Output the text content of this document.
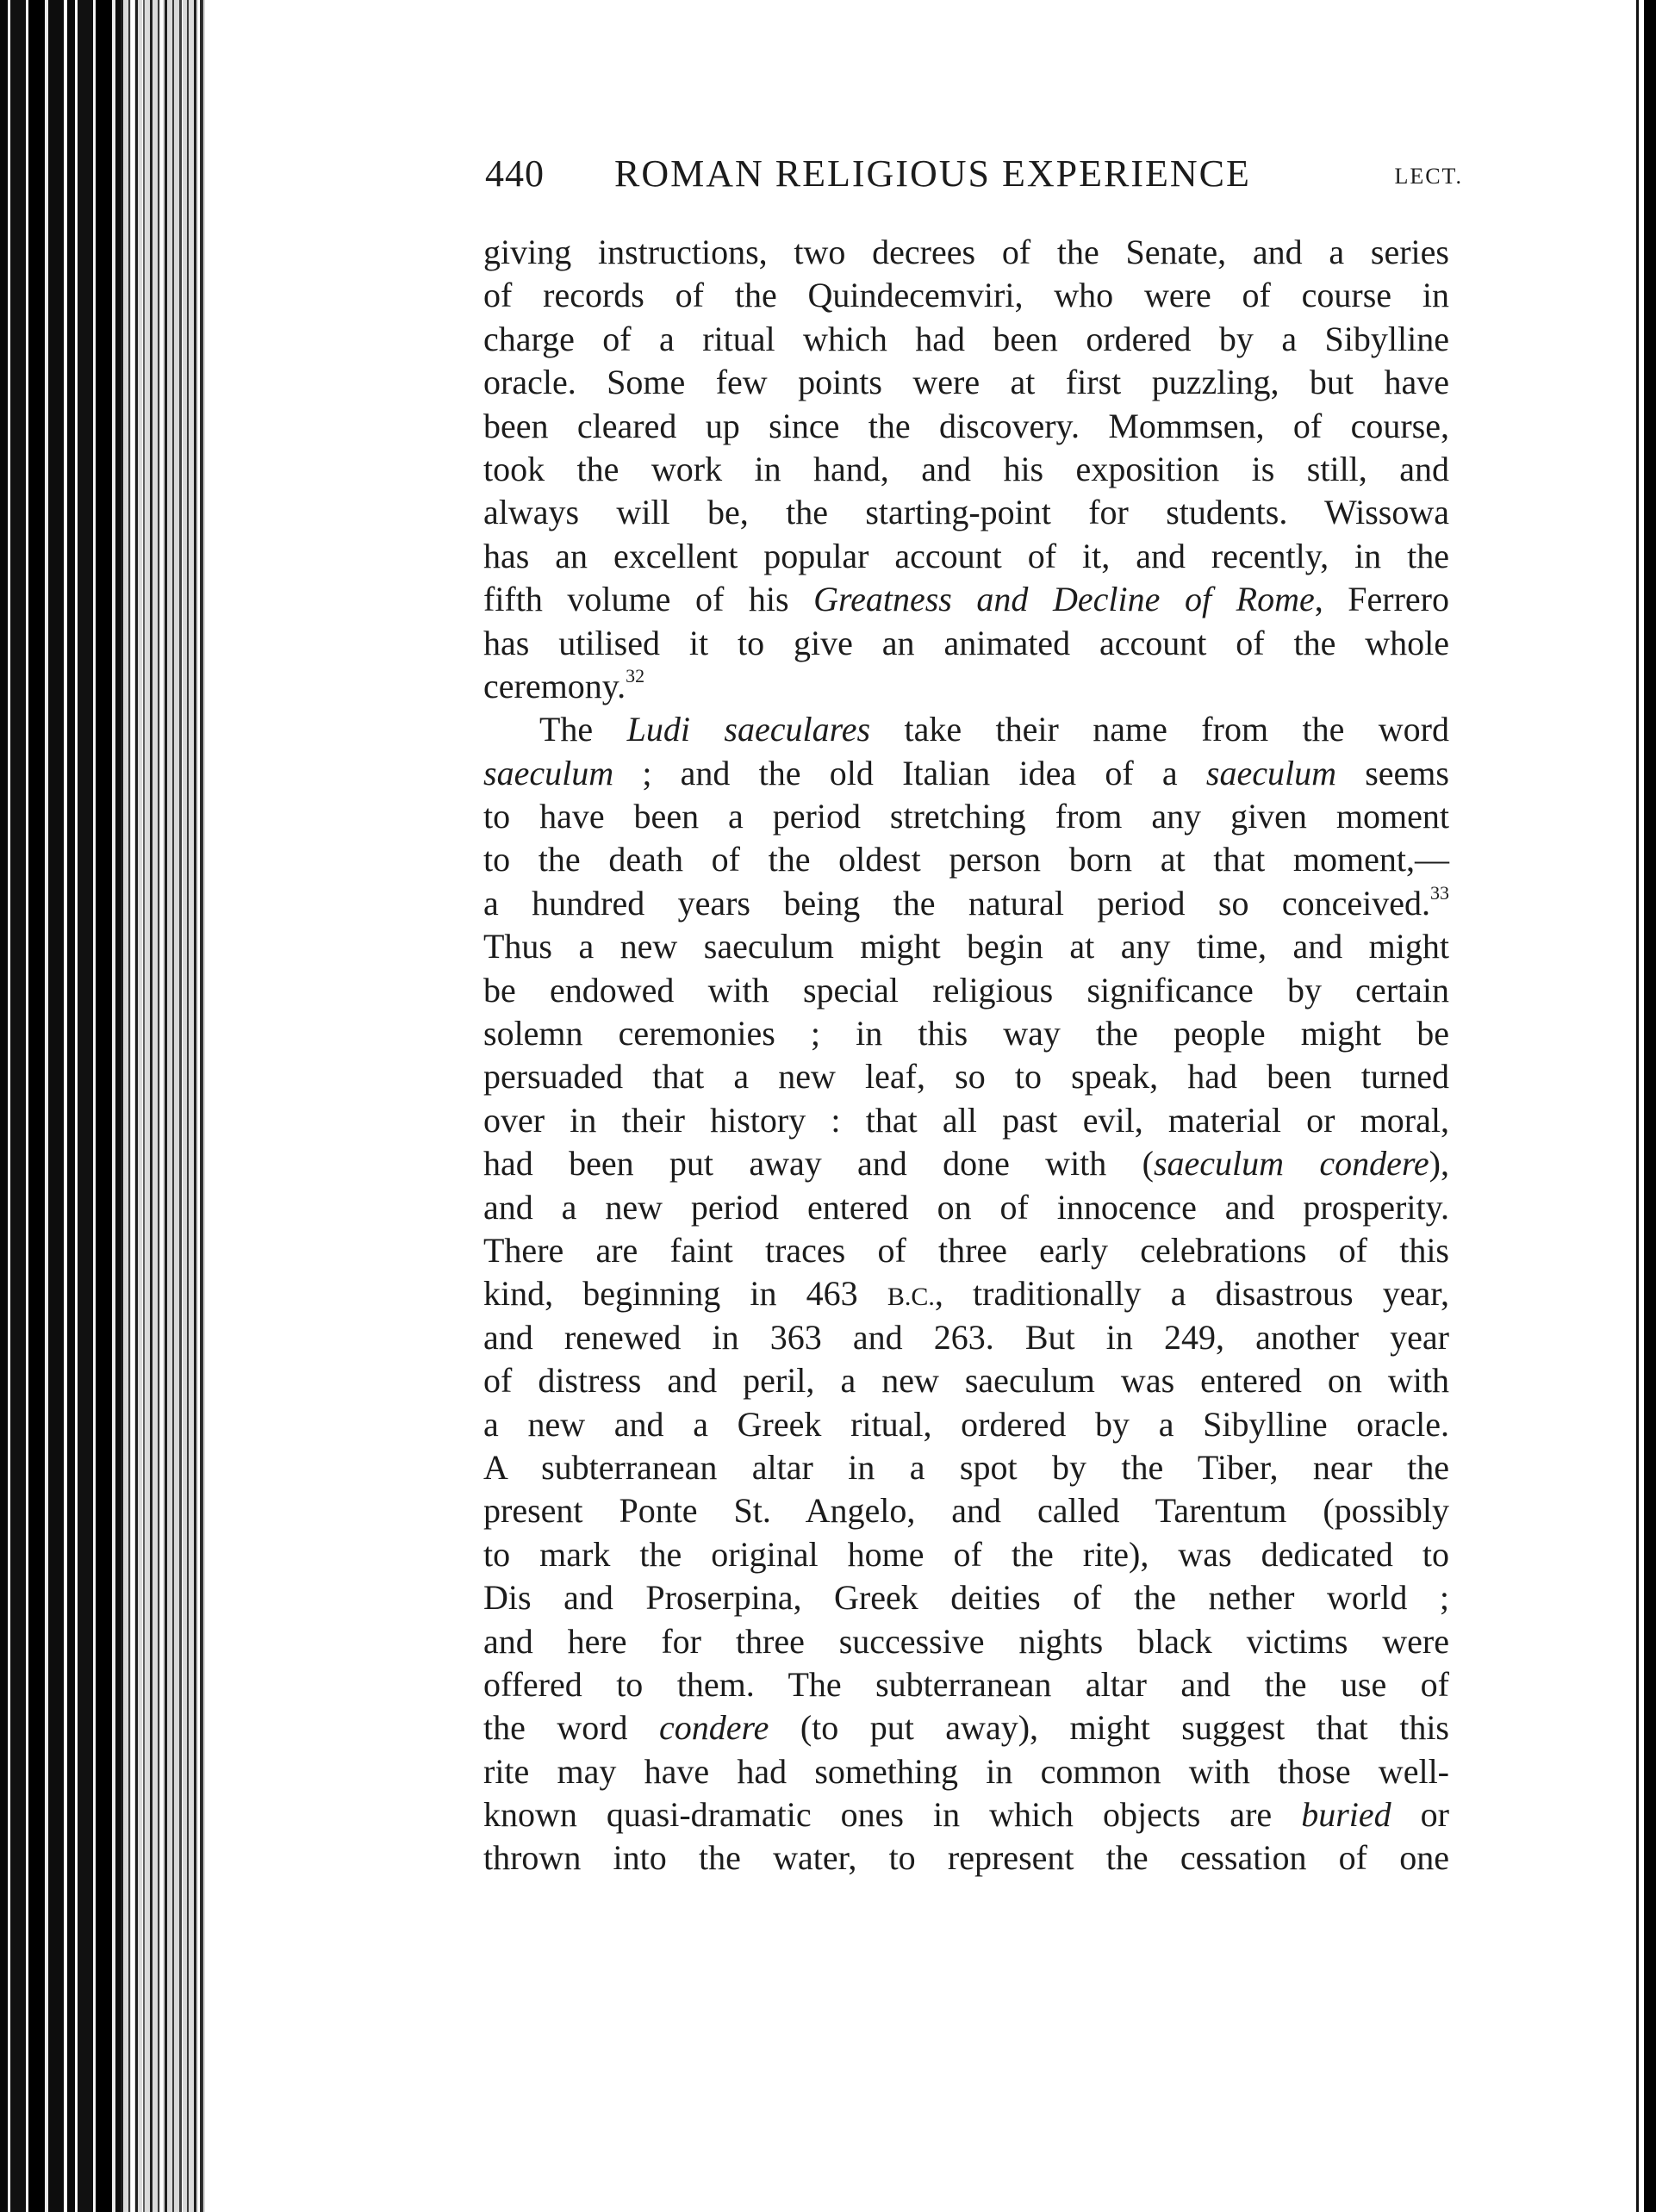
440 ROMAN RELIGIOUS EXPERIENCE	LECT.
giving instructions, two decrees of the Senate, and a series
of records of the Quindecemviri, who were of course in
charge of a ritual which had been ordered by a Sibylline
oracle. Some few points were at first puzzling, but have
been cleared up since the discovery. Mommsen, of course,
took the work in hand, and his exposition is still, and
always will be, the starting-point for students. Wissowa
has an excellent popular account of it, and recently, in the
fifth volume of his Greatness and Decline of Rome, Ferrero
has utilised it to give an animated account of the whole
ceremony.$^{32}$
The Ludi saeculares take their name from the word
saeculum ; and the old Italian idea of a saeculum seems
to have been a period stretching from any given moment
to the death of the oldest person born at that moment,—
a hundred years being the natural period so conceived.$^{33}$
Thus a new saeculum might begin at any time, and might
be endowed with special religious significance by certain
solemn ceremonies ; in this way the people might be
persuaded that a new leaf, so to speak, had been turned
over in their history : that all past evil, material or moral,
had been put away and done with (saeculum condere),
and a new period entered on of innocence and prosperity.
There are faint traces of three early celebrations of this
kind, beginning in 463 B.C., traditionally a disastrous year,
and renewed in 363 and 263. But in 249, another year
of distress and peril, a new saeculum was entered on with
a new and a Greek ritual, ordered by a Sibylline oracle.
A subterranean altar in a spot by the Tiber, near the
present Ponte St. Angelo, and called Tarentum (possibly
to mark the original home of the rite), was dedicated to
Dis and Proserpina, Greek deities of the nether world ;
and here for three successive nights black victims were
offered to them. The subterranean altar and the use of
the word condere (to put away), might suggest that this
rite may have had something in common with those well-
known quasi-dramatic ones in which objects are buried or
thrown into the water, to represent the cessation of one
